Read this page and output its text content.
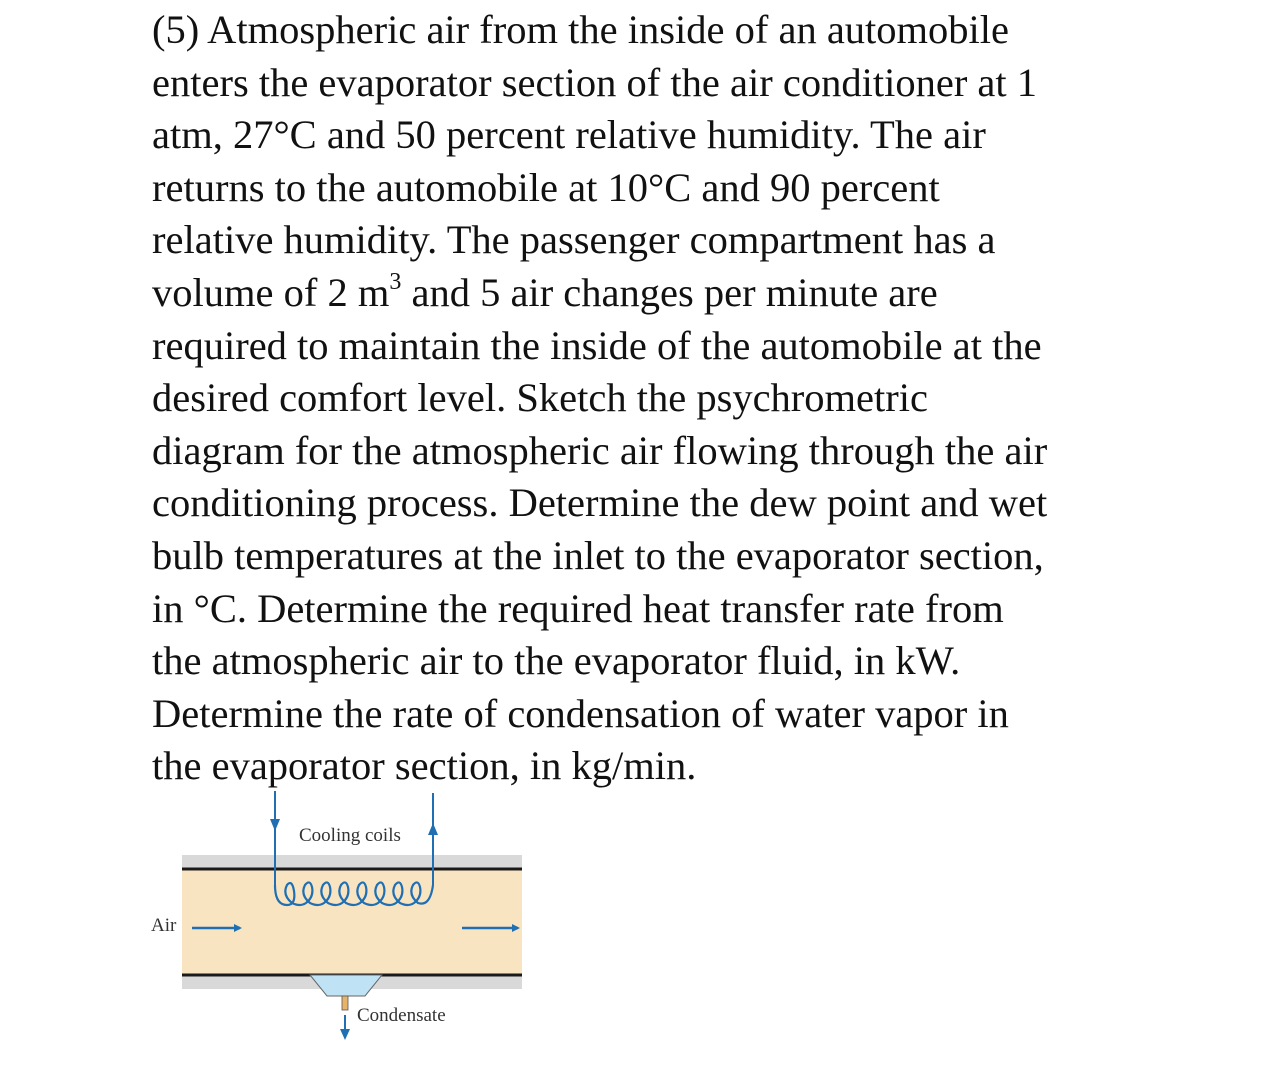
(5) Atmospheric air from the inside of an automobile
enters the evaporator section of the air conditioner at 1
atm, 27°C and 50 percent relative humidity. The air
returns to the automobile at 10°C and 90 percent
relative humidity. The passenger compartment has a
volume of 2 $m^3$ and 5 air changes per minute are
required to maintain the inside of the automobile at the
desired comfort level. Sketch the psychrometric
diagram for the atmospheric air flowing through the air
conditioning process. Determine the dew point and wet
bulb temperatures at the inlet to the evaporator section,
in °C. Determine the required heat transfer rate from
the atmospheric air to the evaporator fluid, in kW.
Determine the rate of condensation of water vapor in
the evaporator section, in kg/min.
Cooling coils
Air
Condensate
